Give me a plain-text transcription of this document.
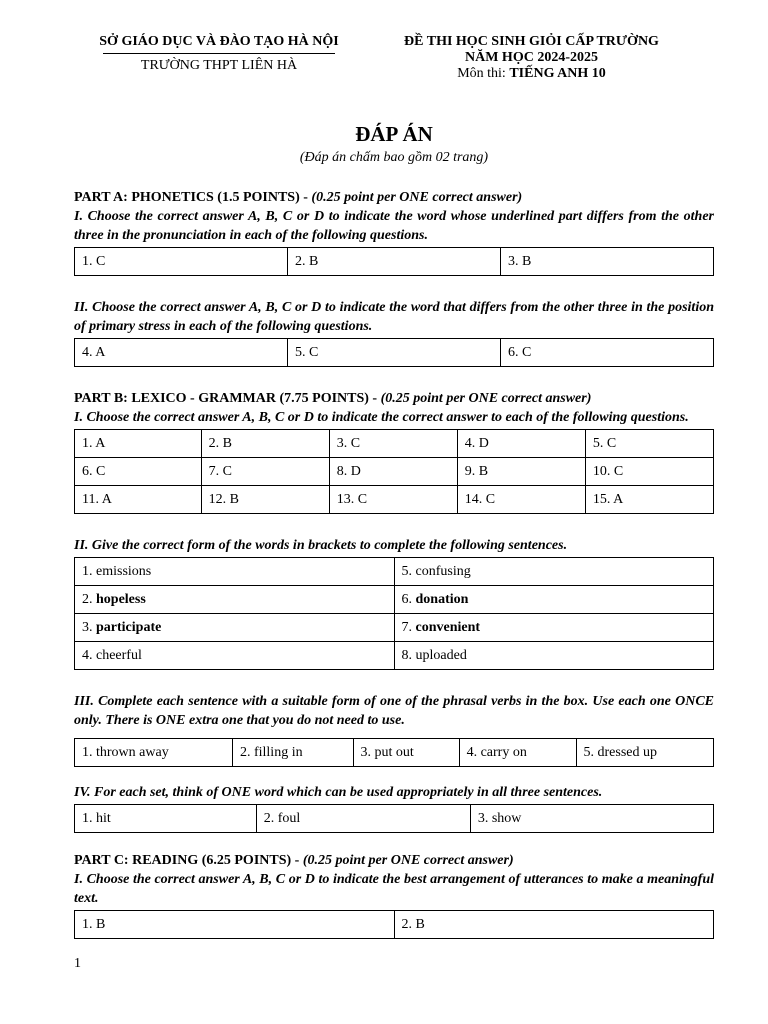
SỞ GIÁO DỤC VÀ ĐÀO TẠO HÀ NỘI
TRƯỜNG THPT LIÊN HÀ
ĐỀ THI HỌC SINH GIỎI CẤP TRƯỜNG
NĂM HỌC 2024-2025
Môn thi: TIẾNG ANH 10
ĐÁP ÁN
(Đáp án chấm bao gồm 02 trang)
PART A: PHONETICS (1.5 POINTS) - (0.25 point per ONE correct answer)
I. Choose the correct answer A, B, C or D to indicate the word whose underlined part differs from the other three in the pronunciation in each of the following questions.
1. C	2. B	3. B
II. Choose the correct answer A, B, C or D to indicate the word that differs from the other three in the position of primary stress in each of the following questions.
4. A	5. C	6. C
PART B: LEXICO - GRAMMAR (7.75 POINTS) - (0.25 point per ONE correct answer)
I. Choose the correct answer A, B, C or D to indicate the correct answer to each of the following questions.
1. A	2. B	3. C	4. D	5. C
6. C	7. C	8. D	9. B	10. C
11. A	12. B	13. C	14. C	15. A
II. Give the correct form of the words in brackets to complete the following sentences.
1. emissions	5. confusing
2. hopeless	6. donation
3. participate	7. convenient
4. cheerful	8. uploaded
III. Complete each sentence with a suitable form of one of the phrasal verbs in the box. Use each one ONCE only. There is ONE extra one that you do not need to use.
1. thrown away	2. filling in	3. put out	4. carry on	5. dressed up
IV. For each set, think of ONE word which can be used appropriately in all three sentences.
1. hit	2. foul	3. show
PART C: READING (6.25 POINTS) - (0.25 point per ONE correct answer)
I. Choose the correct answer A, B, C or D to indicate the best arrangement of utterances to make a meaningful text.
1. B	2. B
1
